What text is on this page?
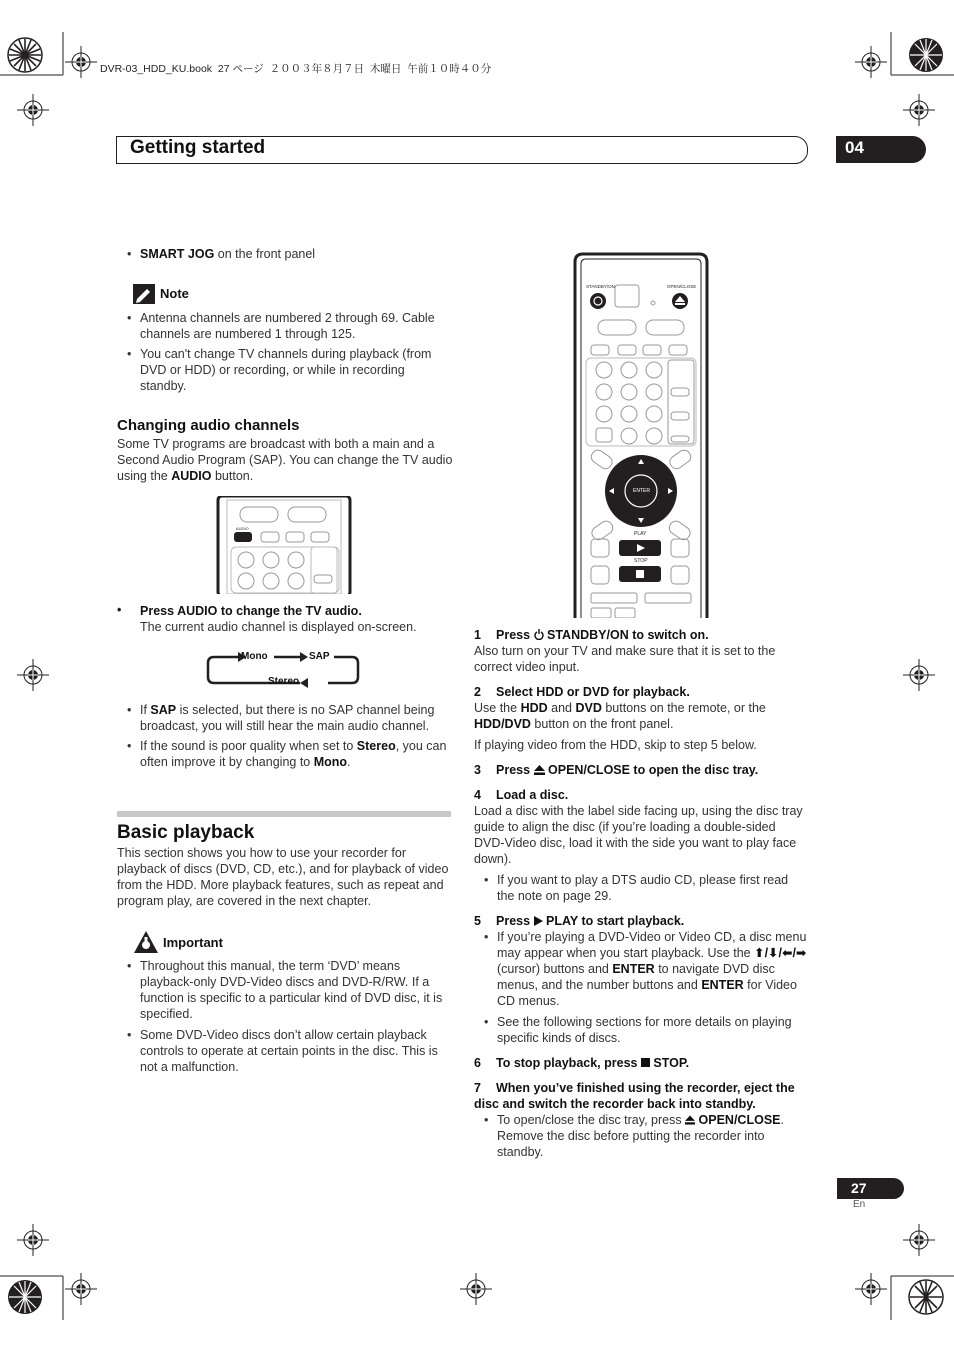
DVR-03_HDD_KU.book  27 ページ  ２００３年８月７日  木曜日  午前１０時４０分
Getting started	04
• SMART JOG on the front panel
Note
• Antenna channels are numbered 2 through 69. Cable channels are numbered 1 through 125.
• You can't change TV channels during playback (from DVD or HDD) or recording, or while in recording standby.
Changing audio channels
Some TV programs are broadcast with both a main and a Second Audio Program (SAP). You can change the TV audio using the AUDIO button.
AUDIO
• Press AUDIO to change the TV audio.
The current audio channel is displayed on-screen.
Mono	SAP
Stereo
• If SAP is selected, but there is no SAP channel being broadcast, you will still hear the main audio channel.
• If the sound is poor quality when set to Stereo, you can often improve it by changing to Mono.
Basic playback
This section shows you how to use your recorder for playback of discs (DVD, CD, etc.), and for playback of video from the HDD. More playback features, such as repeat and program play, are covered in the next chapter.
Important
• Throughout this manual, the term ‘DVD’ means playback-only DVD-Video discs and DVD-R/RW. If a function is specific to a particular kind of DVD disc, it is specified.
• Some DVD-Video discs don’t allow certain playback controls to operate at certain points in the disc. This is not a malfunction.
STANDBY/ON	OPEN/CLOSE
ENTER
PLAY
STOP
1 Press  STANDBY/ON to switch on.
Also turn on your TV and make sure that it is set to the correct video input.
2 Select HDD or DVD for playback.
Use the HDD and DVD buttons on the remote, or the HDD/DVD button on the front panel.
If playing video from the HDD, skip to step 5 below.
3 Press  OPEN/CLOSE to open the disc tray.
4 Load a disc.
Load a disc with the label side facing up, using the disc tray guide to align the disc (if you’re loading a double-sided DVD-Video disc, load it with the side you want to play face down).
• If you want to play a DTS audio CD, please first read the note on page 29.
5 Press  PLAY to start playback.
• If you’re playing a DVD-Video or Video CD, a disc menu may appear when you start playback. Use the ⬆/⬇/⬅/➡ (cursor) buttons and ENTER to navigate DVD disc menus, and the number buttons and ENTER for Video CD menus.
• See the following sections for more details on playing specific kinds of discs.
6 To stop playback, press  STOP.
7 When you’ve finished using the recorder, eject the disc and switch the recorder back into standby.
• To open/close the disc tray, press  OPEN/CLOSE. Remove the disc before putting the recorder into standby.
27
En
